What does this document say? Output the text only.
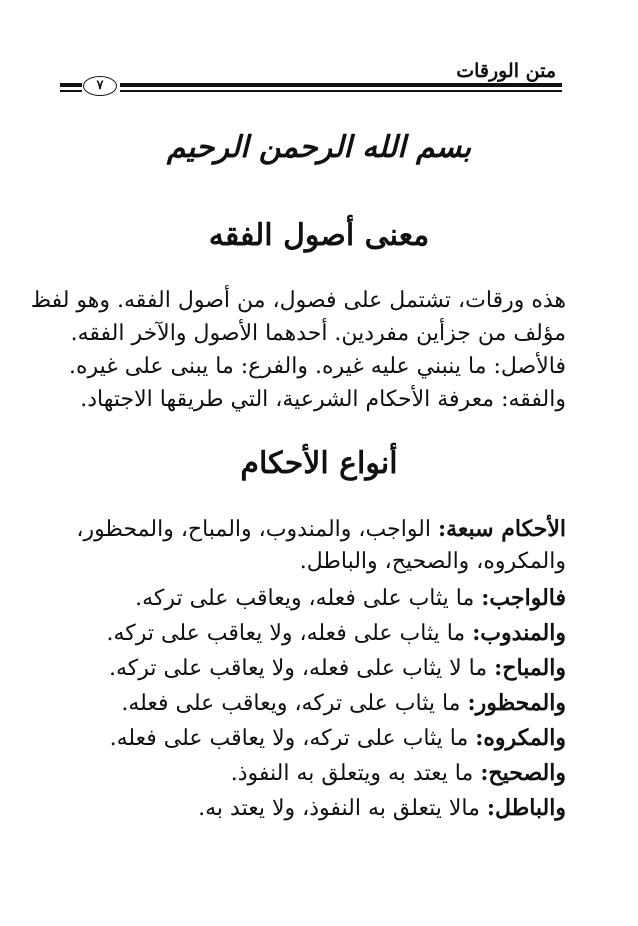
متن الورقات
٧
بسم الله الرحمن الرحيم
معنى أصول الفقه
هذه ورقات، تشتمل على فصول، من أصول الفقه. وهو لفظ
مؤلف من جزأين مفردين. أحدهما الأصول والآخر الفقه.
فالأصل: ما ينبني عليه غيره. والفرع: ما يبنى على غيره.
والفقه: معرفة الأحكام الشرعية، التي طريقها الاجتهاد.
أنواع الأحكام
الأحكام سبعة: الواجب، والمندوب، والمباح، والمحظور،
والمكروه، والصحيح، والباطل.
فالواجب: ما يثاب على فعله، ويعاقب على تركه.
والمندوب: ما يثاب على فعله، ولا يعاقب على تركه.
والمباح: ما لا يثاب على فعله، ولا يعاقب على تركه.
والمحظور: ما يثاب على تركه، ويعاقب على فعله.
والمكروه: ما يثاب على تركه، ولا يعاقب على فعله.
والصحيح: ما يعتد به ويتعلق به النفوذ.
والباطل: مالا يتعلق به النفوذ، ولا يعتد به.
